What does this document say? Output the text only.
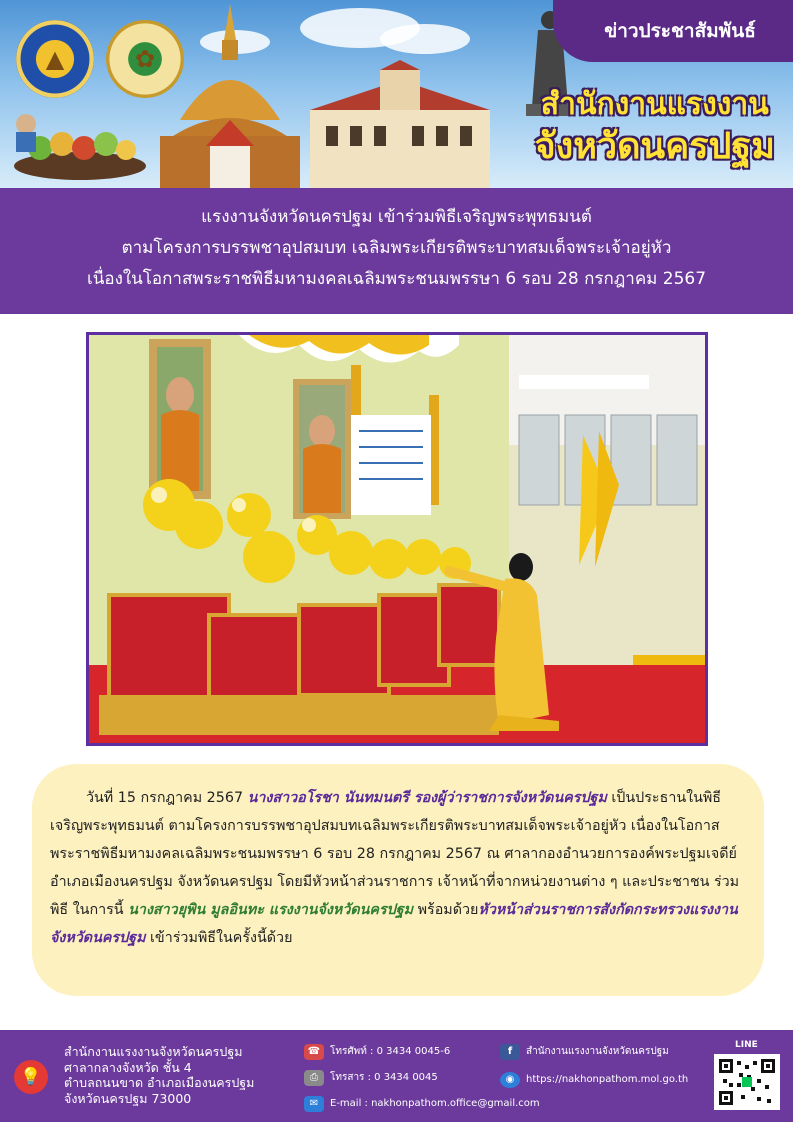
ข่าวประชาสัมพันธ์
▲	✿
สำนักงานแรงงาน
จังหวัดนครปฐม
แรงงานจังหวัดนครปฐม เข้าร่วมพิธีเจริญพระพุทธมนต์
ตามโครงการบรรพชาอุปสมบท เฉลิมพระเกียรติพระบาทสมเด็จพระเจ้าอยู่หัว
เนื่องในโอกาสพระราชพิธีมหามงคลเฉลิมพระชนมพรรษา 6 รอบ 28 กรกฎาคม 2567

วันที่ 15 กรกฎาคม 2567 นางสาวอโรชา นันทมนตรี รองผู้ว่าราชการจังหวัดนครปฐม เป็นประธานในพิธีเจริญพระพุทธมนต์ ตามโครงการบรรพชาอุปสมบทเฉลิมพระเกียรติพระบาทสมเด็จพระเจ้าอยู่หัว เนื่องในโอกาสพระราชพิธีมหามงคลเฉลิมพระชนมพรรษา 6 รอบ 28 กรกฎาคม 2567 ณ ศาลากองอำนวยการองค์พระปฐมเจดีย์ อำเภอเมืองนครปฐม จังหวัดนครปฐม โดยมีหัวหน้าส่วนราชการ เจ้าหน้าที่จากหน่วยงานต่าง ๆ และประชาชน ร่วมพิธี ในการนี้ นางสาวยุพิน มูลอินทะ แรงงานจังหวัดนครปฐม พร้อมด้วยหัวหน้าส่วนราชการสังกัดกระทรวงแรงงานจังหวัดนครปฐม เข้าร่วมพิธีในครั้งนี้ด้วย

💡
สำนักงานแรงงานจังหวัดนครปฐม
ศาลากลางจังหวัด ชั้น 4
ตำบลถนนขาด อำเภอเมืองนครปฐม
จังหวัดนครปฐม 73000
☎ โทรศัพท์ : 0 3434 0045-6
⎙	โทรสาร : 0 3434 0045
✉	E-mail : nakhonpathom.office@gmail.com
f	สำนักงานแรงงานจังหวัดนครปฐม
◉	https://nakhonpathom.mol.go.th
LINE
